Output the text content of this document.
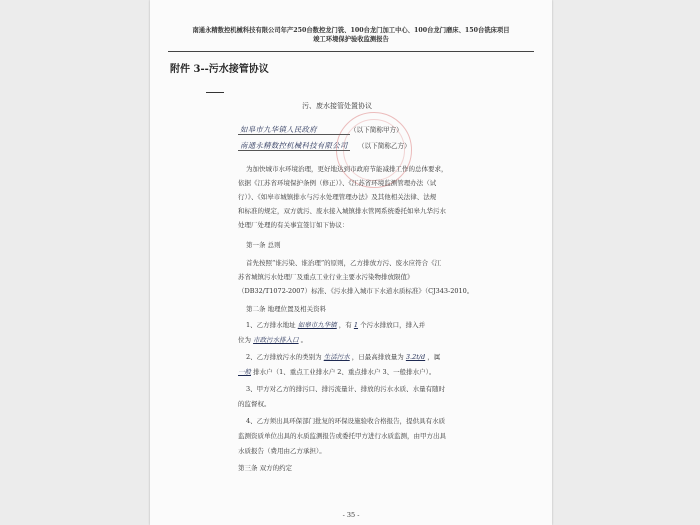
南通永精数控机械科技有限公司年产250台数控龙门铣、100台龙门加工中心、100台龙门磨床、150台铣床项目
竣工环境保护验收监测报告
附件 3--污水接管协议
污、废水接管处置协议
如皋市九华镇人民政府	（以下简称甲方）
南通永精数控机械科技有限公司 （以下简称乙方）
为加快城市水环境治理，更好地达到市政府节能减排工作的总体要求，
依据《江苏省环境保护条例（修正）》、《江苏省环境监测管理办法（试
行）》、《如皋市城镇排水与污水处理管理办法》及其他相关法律、法规
和标准的规定，双方就污、废水接入城镇排水管网系统委托如皋九华污水
处理厂处理的有关事宜签订如下协议：
第一条 总则
首先按照“谁污染、谁治理”的原则，乙方排放方污、废水应符合《江
苏省城镇污水处理厂及重点工业行业主要水污染物排放限值》
（DB32/T1072-2007）标准、《污水排入城市下水道水质标准》（CJ343-2010。
第二条 地理位置及相关资料
1、乙方排水地址 如皋市九华镇 ，有 1 个污水排放口，排入并
位为 市政污水排入口 。
2、乙方排放污水的类别为 生活污水 ，日最高排放量为 3.2t/d ，属
一般 排水户（1、重点工业排水户 2、重点排水户 3、一般排水户）。
3、甲方对乙方的排污口、排污流量计、排放的污水水质、水量有随时
的监督权。
4、乙方须出具环保部门批复的环保设施验收合格报告，提供具有水质
监测资质单位出具的水质监测报告或委托甲方进行水质监测，由甲方出具
水质报告（费用由乙方承担）。
第三条 双方的约定
- 35 -
